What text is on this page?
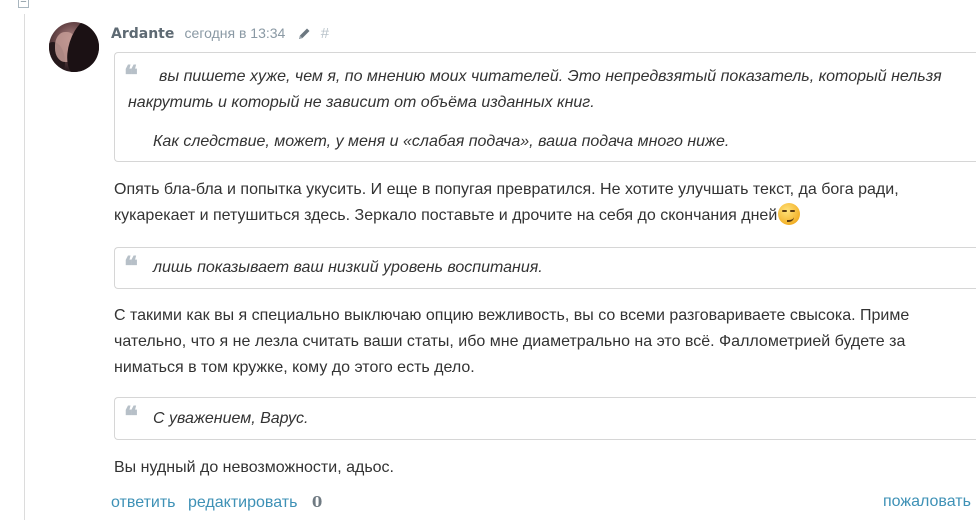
−
Ardante сегодня в 13:34 #
❝ вы пишете хуже, чем я, по мнению моих читателей. Это непредвзятый показатель, который нельзя
накрутить и который не зависит от объёма изданных книг.
Как следствие, может, у меня и «слабая подача», ваша подача много ниже.
Опять бла-бла и попытка укусить. И еще в попугая превратился. Не хотите улучшать текст, да бога ради,
кукарекает и петушиться здесь. Зеркало поставьте и дрочите на себя до скончания дней
❝ лишь показывает ваш низкий уровень воспитания.
С такими как вы я специально выключаю опцию вежливость, вы со всеми разговариваете свысока. Приме
чательно, что я не лезла считать ваши статы, ибо мне диаметрально на это всё. Фаллометрией будете за
ниматься в том кружке, кому до этого есть дело.
❝ С уважением, Варус.
Вы нудный до невозможности, адьос.
ответить редактировать 0	пожаловать
